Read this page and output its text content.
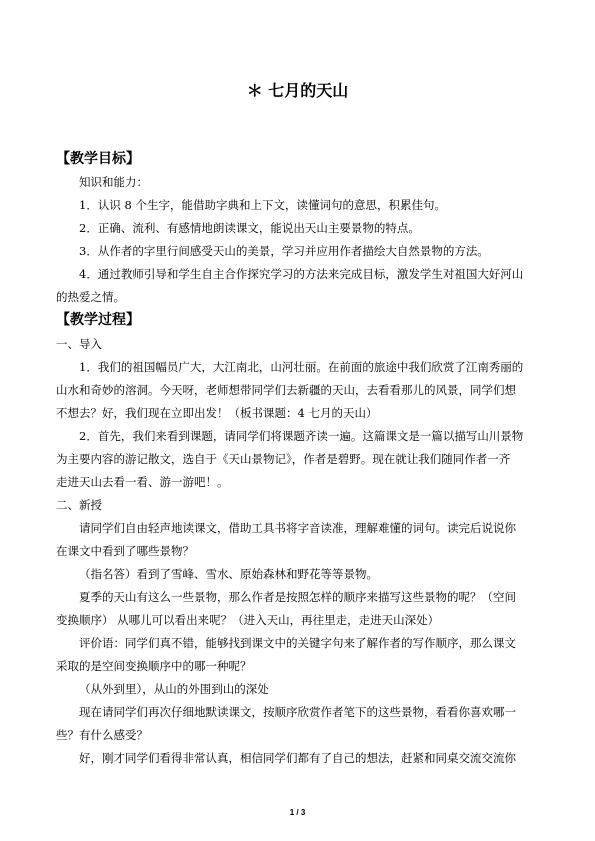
＊ 七月的天山
【教学目标】
知识和能力：
1．认识 8 个生字，能借助字典和上下文，读懂词句的意思，积累佳句。
2．正确、流利、有感情地朗读课文，能说出天山主要景物的特点。
3．从作者的字里行间感受天山的美景，学习并应用作者描绘大自然景物的方法。
4．通过教师引导和学生自主合作探究学习的方法来完成目标，激发学生对祖国大好河山
的热爱之情。
【教学过程】
一、导入
1．我们的祖国幅员广大，大江南北，山河壮丽。在前面的旅途中我们欣赏了江南秀丽的
山水和奇妙的溶洞。今天呀，老师想带同学们去新疆的天山，去看看那儿的风景，同学们想
不想去？好，我们现在立即出发！（板书课题：4 七月的天山）
2．首先，我们来看到课题，请同学们将课题齐读一遍。这篇课文是一篇以描写山川景物
为主要内容的游记散文，选自于《天山景物记》，作者是碧野。现在就让我们随同作者一齐
走进天山去看一看、游一游吧！。
二、新授
请同学们自由轻声地读课文，借助工具书将字音读准，理解难懂的词句。读完后说说你
在课文中看到了哪些景物？
（指名答）看到了雪峰、雪水、原始森林和野花等等景物。
夏季的天山有这么一些景物，那么作者是按照怎样的顺序来描写这些景物的呢？（空间
变换顺序） 从哪儿可以看出来呢？（进入天山，再往里走，走进天山深处）
评价语：同学们真不错，能够找到课文中的关键字句来了解作者的写作顺序，那么课文
采取的是空间变换顺序中的哪一种呢？
（从外到里），从山的外围到山的深处
现在请同学们再次仔细地默读课文，按顺序欣赏作者笔下的这些景物，看看你喜欢哪一
些？有什么感受？
好，刚才同学们看得非常认真，相信同学们都有了自己的想法，赶紧和同桌交流交流你
1 / 3
